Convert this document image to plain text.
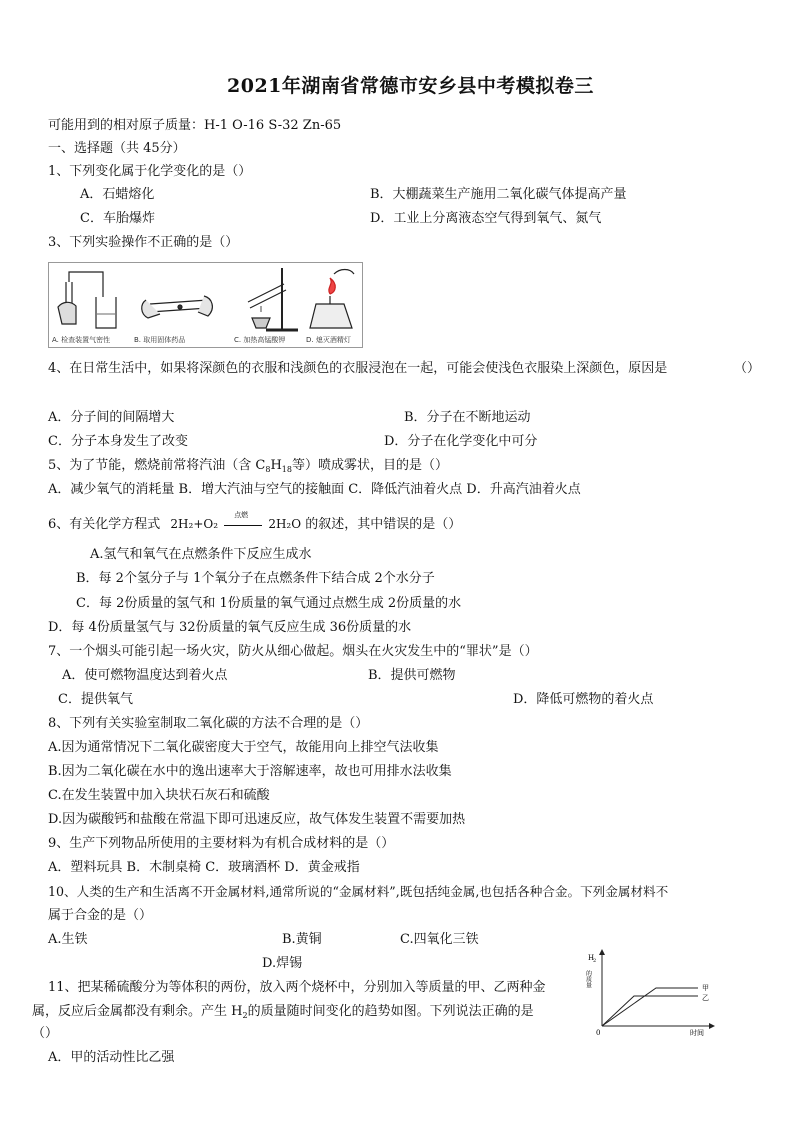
2021年湖南省常德市安乡县中考模拟卷三
可能用到的相对原子质量：H-1 O-16 S-32 Zn-65
一、选择题（共 45分）
1、下列变化属于化学变化的是（）
A．石蜡熔化	B．大棚蔬菜生产施用二氧化碳气体提高产量
C．车胎爆炸	D．工业上分离液态空气得到氧气、氮气
3、下列实验操作不正确的是（）
A. 检查装置气密性	B. 取用固体药品	C. 加热高锰酸钾	D. 熄灭酒精灯
4、在日常生活中，如果将深颜色的衣服和浅颜色的衣服浸泡在一起，可能会使浅色衣服染上深颜色，原因是	（）
A．分子间的间隔增大	B．分子在不断地运动
C．分子本身发生了改变	D．分子在化学变化中可分
5、为了节能，燃烧前常将汽油（含 $C_8H_{18}$等）喷成雾状，目的是（）
A．减少氧气的消耗量 B．增大汽油与空气的接触面 C．降低汽油着火点 D．升高汽油着火点
6、有关化学方程式 2H₂+O₂
点燃
2H₂O 的叙述，其中错误的是（）
A.氢气和氧气在点燃条件下反应生成水
B．每 2个氢分子与 1个氧分子在点燃条件下结合成 2个水分子
C．每 2份质量的氢气和 1份质量的氧气通过点燃生成 2份质量的水
D．每 4份质量氢气与 32份质量的氧气反应生成 36份质量的水
7、一个烟头可能引起一场火灾，防火从细心做起。烟头在火灾发生中的“罪状”是（）
A．使可燃物温度达到着火点	B．提供可燃物
C．提供氧气	D．降低可燃物的着火点
8、下列有关实验室制取二氧化碳的方法不合理的是（）
A.因为通常情况下二氧化碳密度大于空气，故能用向上排空气法收集
B.因为二氧化碳在水中的逸出速率大于溶解速率，故也可用排水法收集
C.在发生装置中加入块状石灰石和硫酸
D.因为碳酸钙和盐酸在常温下即可迅速反应，故气体发生装置不需要加热
9、生产下列物品所使用的主要材料为有机合成材料的是（）
A．塑料玩具 B．木制桌椅 C．玻璃酒杯 D．黄金戒指
10、人类的生产和生活离不开金属材料,通常所说的“金属材料”,既包括纯金属,也包括各种合金。下列金属材料不
属于合金的是（）
A.生铁	B.黄铜	C.四氧化三铁
D.焊锡
11、把某稀硫酸分为等体积的两份，放入两个烧杯中，分别加入等质量的甲、乙两种金
属，反应后金属都没有剩余。产生 $H_2$的质量随时间变化的趋势如图。下列说法正确的是
（）
A．甲的活动性比乙强
H
2
的质量
0	时间
甲
乙
